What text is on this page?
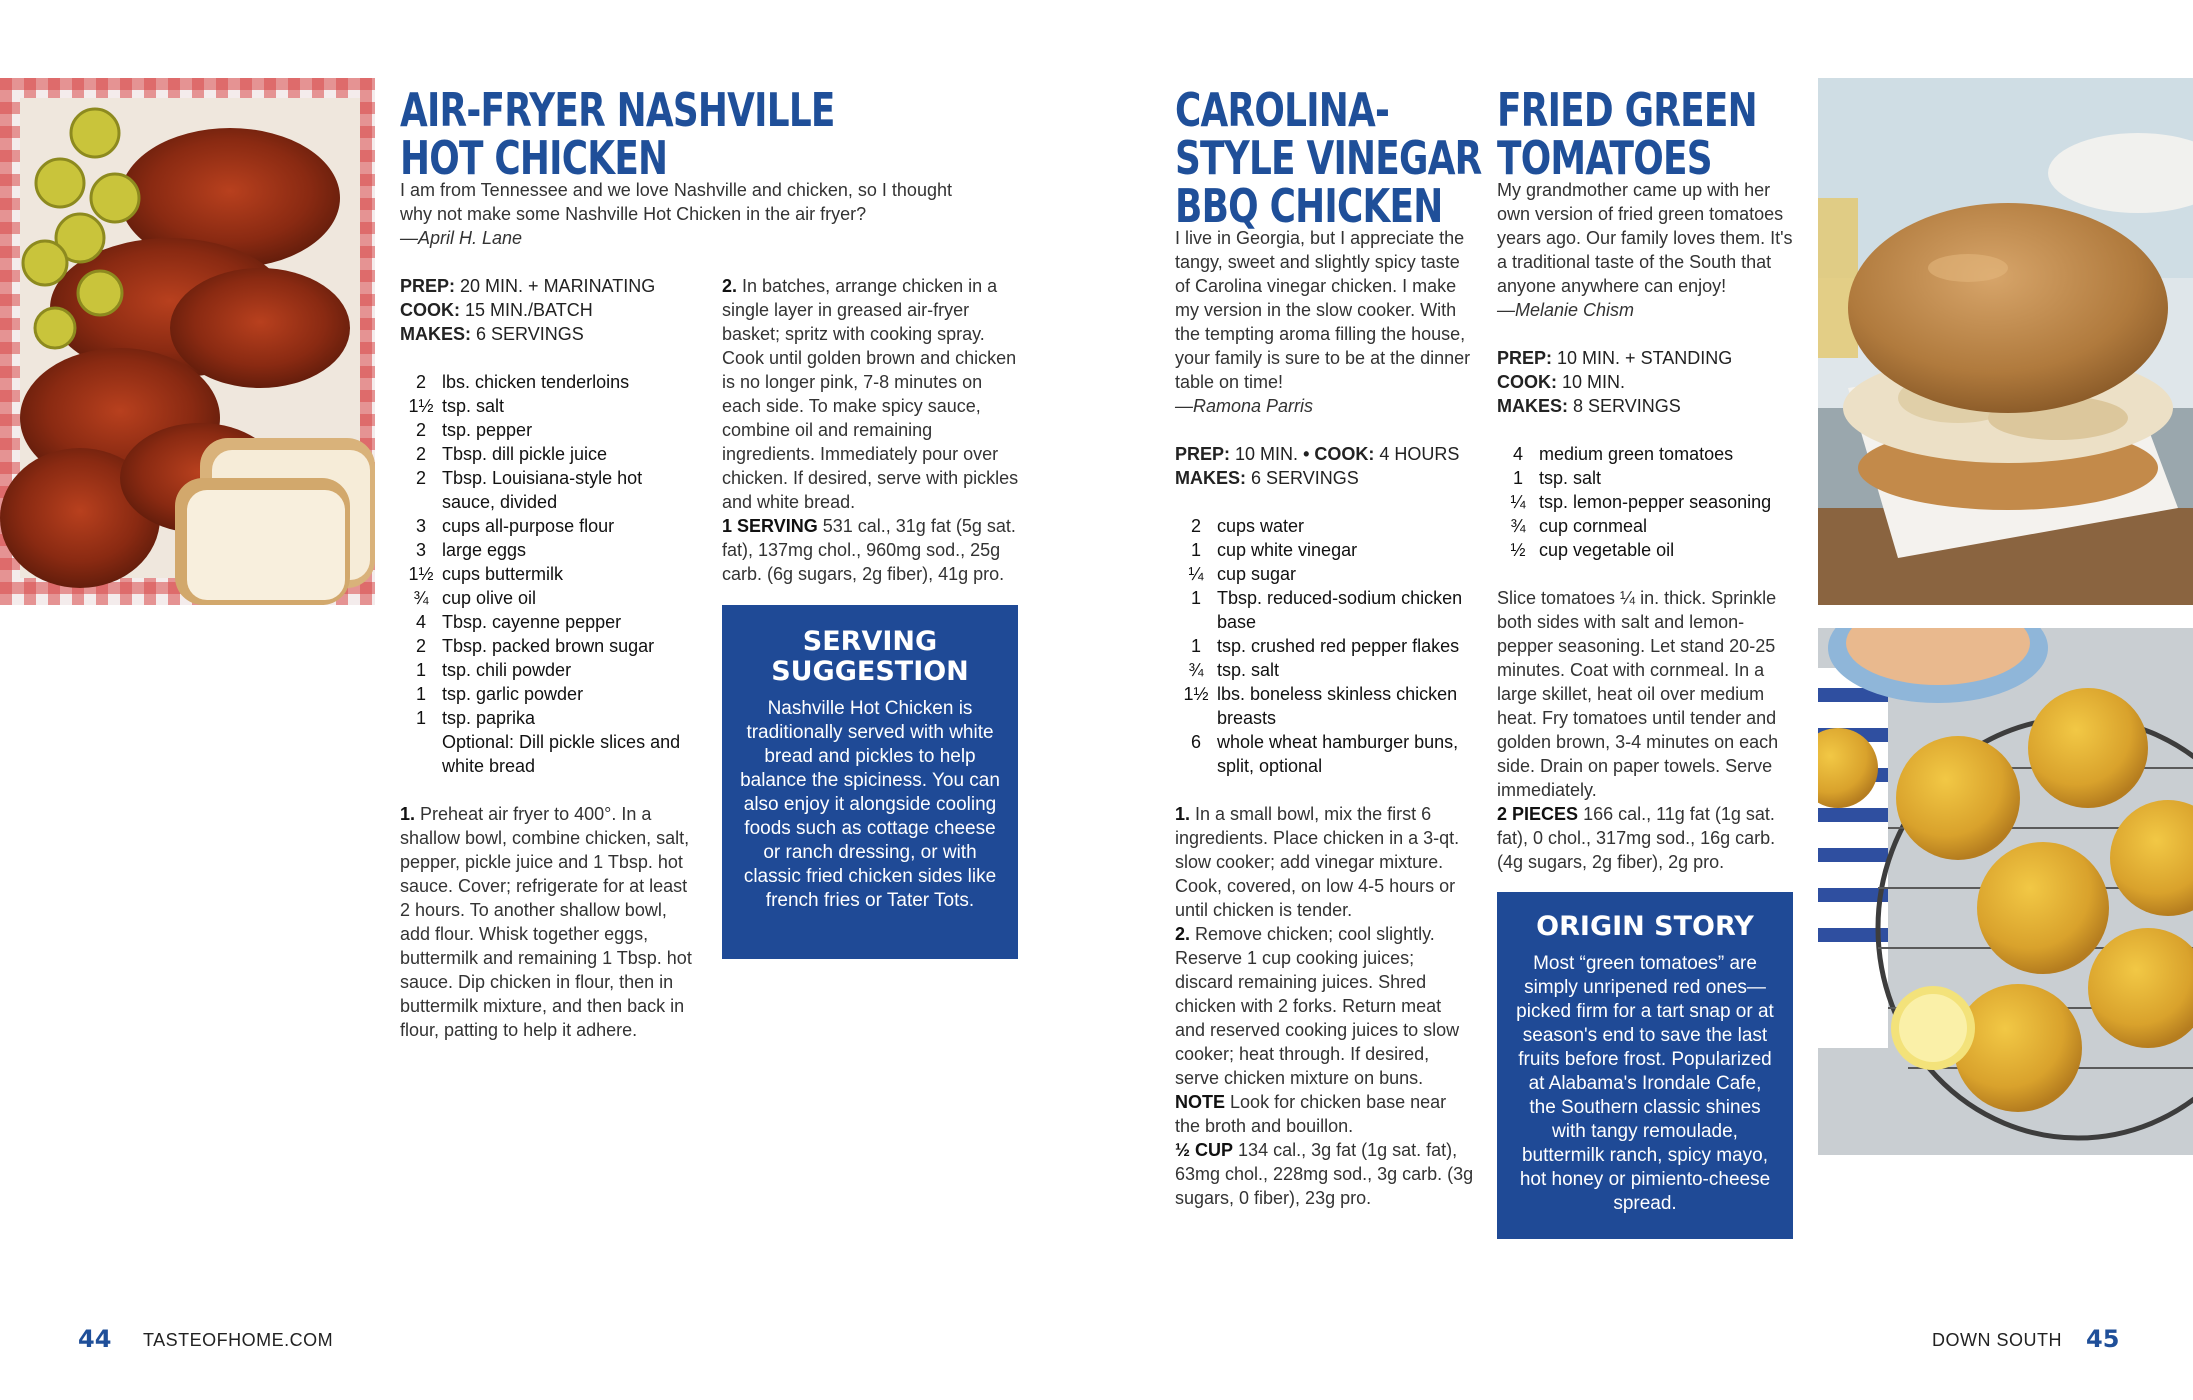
AIR-FRYER NASHVILLE
HOT CHICKEN
I am from Tennessee and we love Nashville and chicken, so I thought why not make some Nashville Hot Chicken in the air fryer?
—April H. Lane
PREP: 20 MIN. + MARINATING
COOK: 15 MIN./BATCH
MAKES: 6 SERVINGS
2 lbs. chicken tenderloins
1½ tsp. salt
2 tsp. pepper
2 Tbsp. dill pickle juice
2 Tbsp. Louisiana-style hot sauce, divided
3 cups all-purpose flour
3 large eggs
1½ cups buttermilk
¾ cup olive oil
4 Tbsp. cayenne pepper
2 Tbsp. packed brown sugar
1 tsp. chili powder
1 tsp. garlic powder
1 tsp. paprika
Optional: Dill pickle slices and white bread

1. Preheat air fryer to 400°. In a shallow bowl, combine chicken, salt, pepper, pickle juice and 1 Tbsp. hot sauce. Cover; refrigerate for at least 2 hours. To another shallow bowl, add flour. Whisk together eggs, buttermilk and remaining 1 Tbsp. hot sauce. Dip chicken in flour, then in buttermilk mixture, and then back in flour, patting to help it adhere.

2. In batches, arrange chicken in a single layer in greased air-fryer basket; spritz with cooking spray. Cook until golden brown and chicken is no longer pink, 7-8 minutes on each side. To make spicy sauce, combine oil and remaining ingredients. Immediately pour over chicken. If desired, serve with pickles and white bread.

1 SERVING 531 cal., 31g fat (5g sat. fat), 137mg chol., 960mg sod., 25g carb. (6g sugars, 2g fiber), 41g pro.
SERVING
SUGGESTION

Nashville Hot Chicken is traditionally served with white bread and pickles to help balance the spiciness. You can also enjoy it alongside cooling foods such as cottage cheese or ranch dressing, or with classic fried chicken sides like french fries or Tater Tots.

44 TASTEOFHOME.COM
CAROLINA-
STYLE VINEGAR
BBQ CHICKEN
I live in Georgia, but I appreciate the tangy, sweet and slightly spicy taste of Carolina vinegar chicken. I make my version in the slow cooker. With the tempting aroma filling the house, your family is sure to be at the dinner table on time!
—Ramona Parris
PREP: 10 MIN. • COOK: 4 HOURS
MAKES: 6 SERVINGS
2 cups water
1 cup white vinegar
¼ cup sugar
1 Tbsp. reduced-sodium chicken base
1 tsp. crushed red pepper flakes
¾ tsp. salt
1½ lbs. boneless skinless chicken breasts
6 whole wheat hamburger buns, split, optional

1. In a small bowl, mix the first 6 ingredients. Place chicken in a 3-qt. slow cooker; add vinegar mixture. Cook, covered, on low 4-5 hours or until chicken is tender.

2. Remove chicken; cool slightly. Reserve 1 cup cooking juices; discard remaining juices. Shred chicken with 2 forks. Return meat and reserved cooking juices to slow cooker; heat through. If desired, serve chicken mixture on buns.

NOTE Look for chicken base near the broth and bouillon.

½ CUP 134 cal., 3g fat (1g sat. fat), 63mg chol., 228mg sod., 3g carb. (3g sugars, 0 fiber), 23g pro.
FRIED GREEN
TOMATOES
My grandmother came up with her own version of fried green tomatoes years ago. Our family loves them. It's a traditional taste of the South that anyone anywhere can enjoy!
—Melanie Chism
PREP: 10 MIN. + STANDING
COOK: 10 MIN.
MAKES: 8 SERVINGS
4 medium green tomatoes
1 tsp. salt
¼ tsp. lemon-pepper seasoning
¾ cup cornmeal
½ cup vegetable oil

Slice tomatoes ¼ in. thick. Sprinkle both sides with salt and lemon-pepper seasoning. Let stand 20-25 minutes. Coat with cornmeal. In a large skillet, heat oil over medium heat. Fry tomatoes until tender and golden brown, 3-4 minutes on each side. Drain on paper towels. Serve immediately.

2 PIECES 166 cal., 11g fat (1g sat. fat), 0 chol., 317mg sod., 16g carb. (4g sugars, 2g fiber), 2g pro.
ORIGIN STORY

Most “green tomatoes” are simply unripened red ones—picked firm for a tart snap or at season's end to save the last fruits before frost. Popularized at Alabama's Irondale Cafe, the Southern classic shines with tangy remoulade, buttermilk ranch, spicy mayo, hot honey or pimiento-cheese spread.

DOWN SOUTH 45
